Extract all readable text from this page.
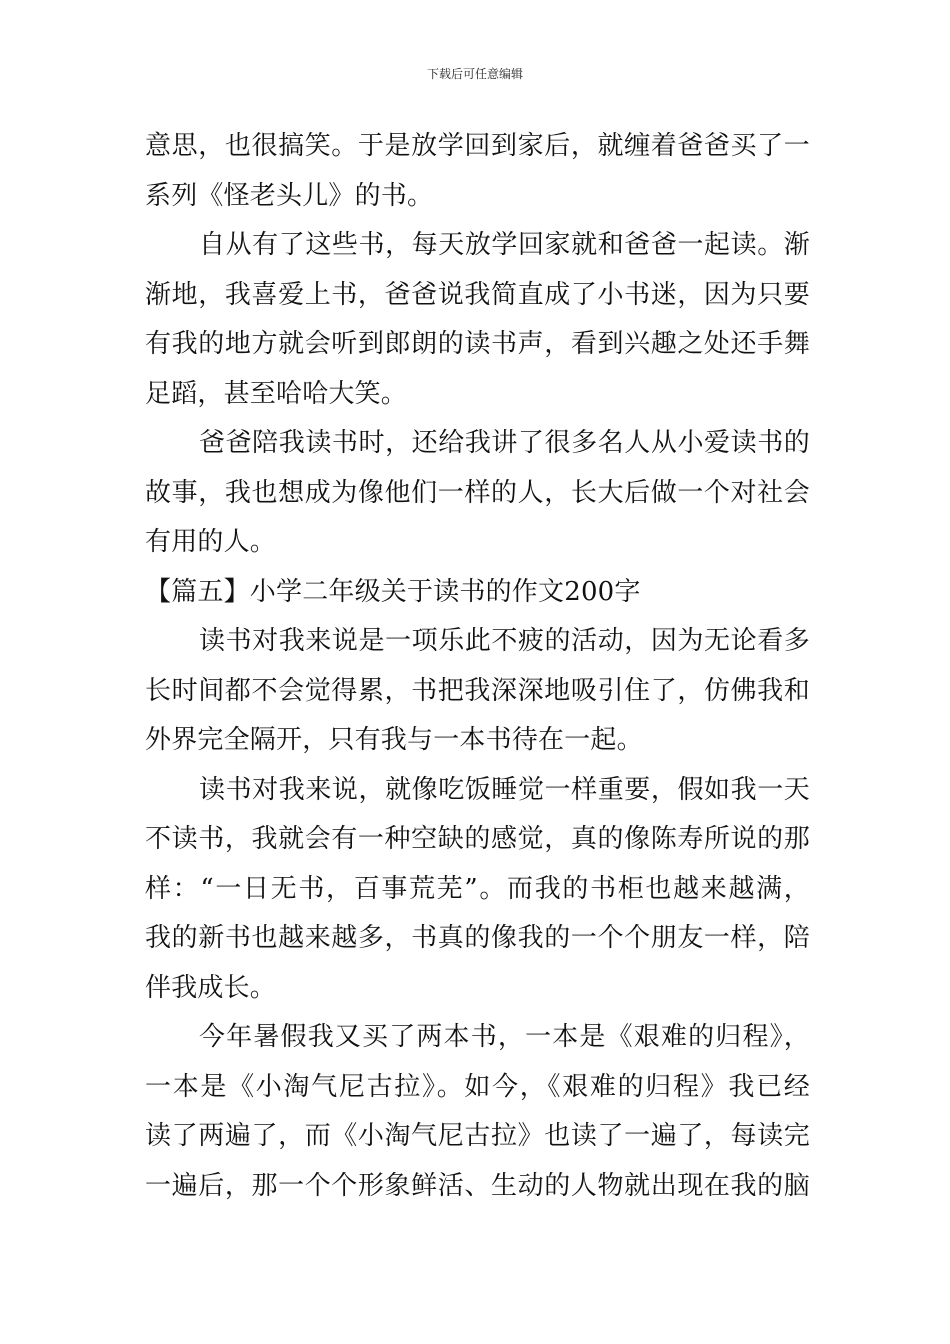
下载后可任意编辑
意思，也很搞笑。于是放学回到家后，就缠着爸爸买了一
系列《怪老头儿》的书。
自从有了这些书，每天放学回家就和爸爸一起读。渐
渐地，我喜爱上书，爸爸说我简直成了小书迷，因为只要
有我的地方就会听到郎朗的读书声，看到兴趣之处还手舞
足蹈，甚至哈哈大笑。
爸爸陪我读书时，还给我讲了很多名人从小爱读书的
故事，我也想成为像他们一样的人，长大后做一个对社会
有用的人。
【篇五】小学二年级关于读书的作文200字
读书对我来说是一项乐此不疲的活动，因为无论看多
长时间都不会觉得累，书把我深深地吸引住了，仿佛我和
外界完全隔开，只有我与一本书待在一起。
读书对我来说，就像吃饭睡觉一样重要，假如我一天
不读书，我就会有一种空缺的感觉，真的像陈寿所说的那
样：“一日无书，百事荒芜”。而我的书柜也越来越满，
我的新书也越来越多，书真的像我的一个个朋友一样，陪
伴我成长。
今年暑假我又买了两本书，一本是《艰难的归程》，
一本是《小淘气尼古拉》。如今，《艰难的归程》我已经
读了两遍了，而《小淘气尼古拉》也读了一遍了，每读完
一遍后，那一个个形象鲜活、生动的人物就出现在我的脑
